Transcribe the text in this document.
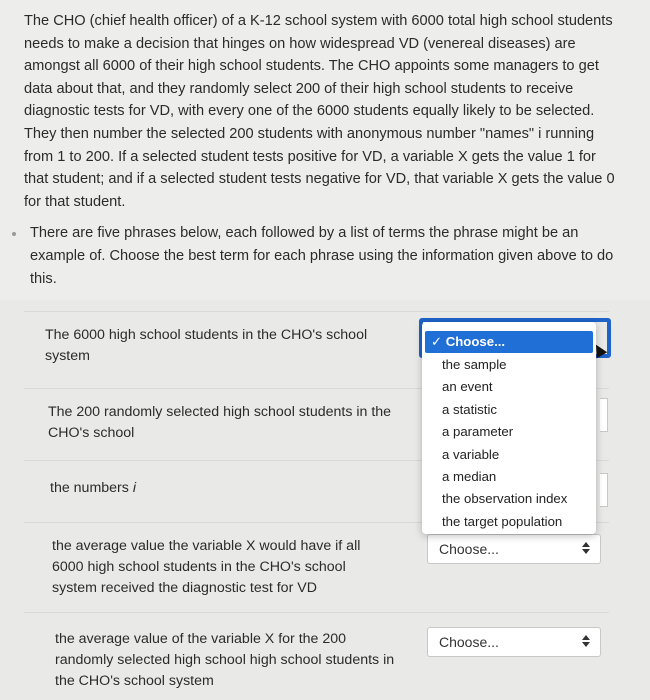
The CHO (chief health officer) of a K-12 school system with 6000 total high school students needs to make a decision that hinges on how widespread VD (venereal diseases) are amongst all 6000 of their high school students. The CHO appoints some managers to get data about that, and they randomly select 200 of their high school students to receive diagnostic tests for VD, with every one of the 6000 students equally likely to be selected. They then number the selected 200 students with anonymous number "names" i running from 1 to 200. If a selected student tests positive for VD, a variable X gets the value 1 for that student; and if a selected student tests negative for VD, that variable X gets the value 0 for that student.
There are five phrases below, each followed by a list of terms the phrase might be an example of. Choose the best term for each phrase using the information given above to do this.
The 6000 high school students in the CHO's school system
The 200 randomly selected high school students in the CHO's school
the numbers i
the average value the variable X would have if all 6000 high school students in the CHO's school system received the diagnostic test for VD
Choose...
the average value of the variable X for the 200 randomly selected high school high school students in the CHO's school system
Choose...
✓ Choose...
the sample
an event
a statistic
a parameter
a variable
a median
the observation index
the target population
